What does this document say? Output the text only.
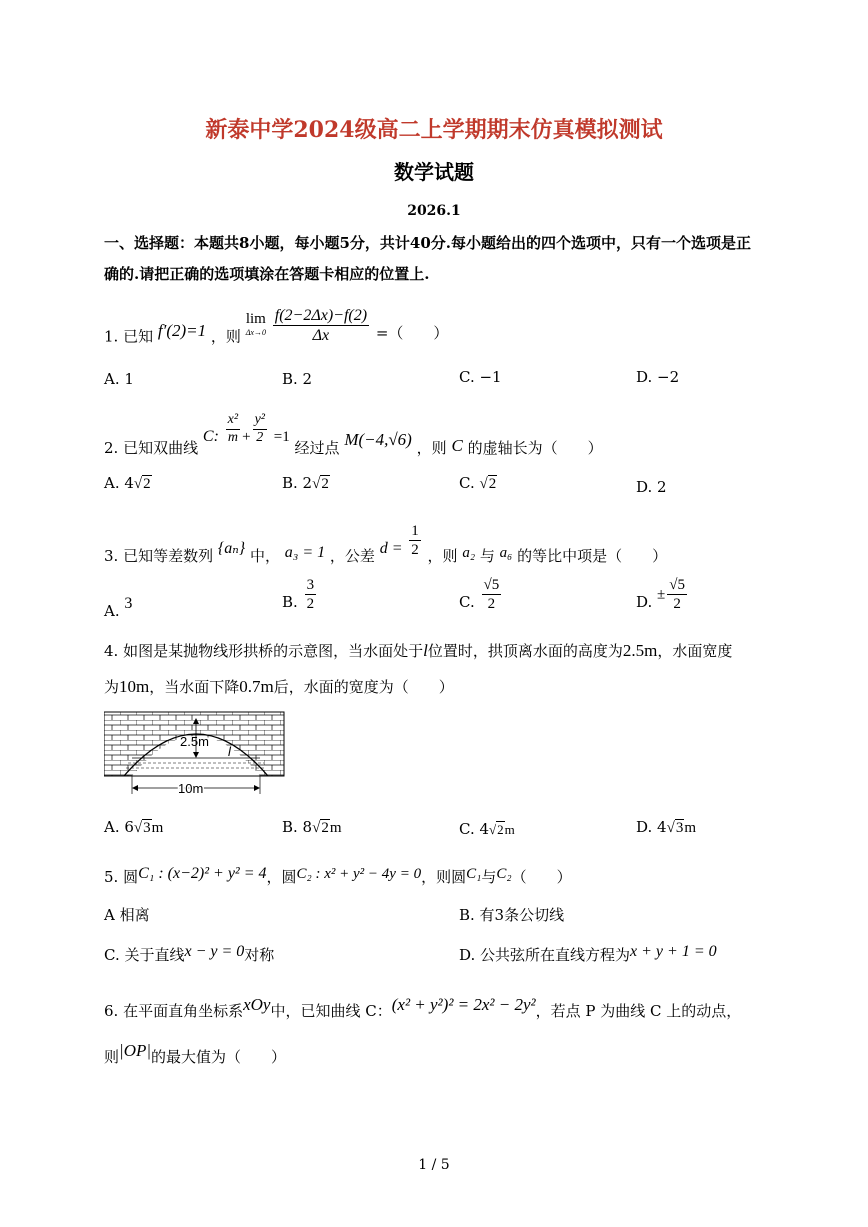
新泰中学2024级高二上学期期末仿真模拟测试
数学试题
2026.1
一、选择题：本题共8小题，每小题5分，共计40分.每小题给出的四个选项中，只有一个选项是正确的.请把正确的选项填涂在答题卡相应的位置上.
1. 已知 f′(2)=1 ，则
lim
Δx→0
$\frac{f(2-2\Delta x)-f(2)}{\Delta x}$ =（　　）
A. 1	B. 2	C. −1	D. −2
2. 已知双曲线 C: $\frac{\text{x²}}{m} + \frac{\text{y²}}{2} =1$ 经过点 M(−4,√6) ，则 C 的虚轴长为（　　）
A. 4√2	B. 2√2	C. √2	D. 2
3. 已知等差数列 {aₙ} 中， a₃ = 1 ，公差 $d = \frac{1}{2}$ ，则 a₂ 与 a₆ 的等比中项是（　　）
A. 3	B. $\frac{3}{2}$	C. $\frac{√5}{2}$	D. ± $\frac{√5}{2}$
4. 如图是某抛物线形拱桥的示意图，当水面处于l位置时，拱顶离水面的高度为2.5m，水面宽度
为10m，当水面下降0.7m后，水面的宽度为（　　）
2.5m
l
10m
A. 6√3m	B. 8√2m	C. 4√2m	D. 4√3m
5. 圆C₁ : (x−2)² + y² = 4，圆C₂ : x² + y² − 4y = 0，则圆C₁与C₂（　　）
A 相离	B. 有3条公切线
C. 关于直线x − y = 0对称	D. 公共弦所在直线方程为x + y + 1 = 0
6. 在平面直角坐标系xOy中，已知曲线 C：(x² + y²)² = 2x² − 2y²，若点 P 为曲线 C 上的动点，
则|OP|的最大值为（　　）
1 / 5
